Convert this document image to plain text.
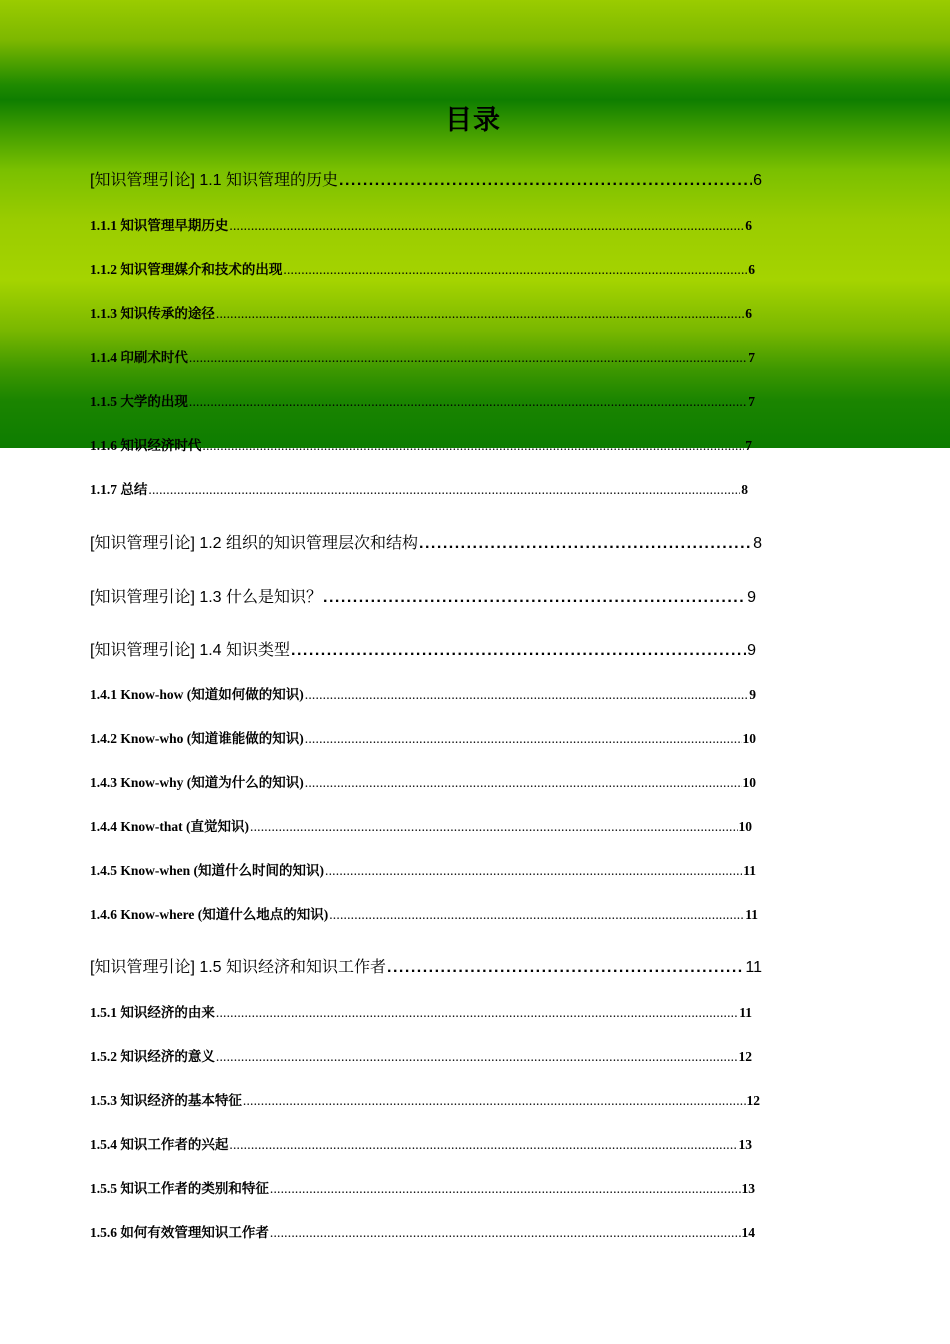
目录
[知识管理引论] 1.1 知识管理的历史 .....	6
1.1.1 知识管理早期历史 .....	6
1.1.2 知识管理媒介和技术的出现 .....	6
1.1.3 知识传承的途径 .....	6
1.1.4 印刷术时代 .....	7
1.1.5 大学的出现 .....	7
1.1.6 知识经济时代 .....	7
1.1.7 总结 .....	8
[知识管理引论] 1.2 组织的知识管理层次和结构 .....	8
[知识管理引论] 1.3 什么是知识？ .....	9
[知识管理引论] 1.4 知识类型 .....	9
1.4.1 Know-how (知道如何做的知识) .....	9
1.4.2 Know-who (知道谁能做的知识) .....	10
1.4.3 Know-why (知道为什么的知识) .....	10
1.4.4 Know-that (直觉知识) .....	10
1.4.5 Know-when (知道什么时间的知识) .....	11
1.4.6 Know-where (知道什么地点的知识) .....	11
[知识管理引论] 1.5 知识经济和知识工作者 .....	11
1.5.1 知识经济的由来 .....	11
1.5.2 知识经济的意义 .....	12
1.5.3 知识经济的基本特征 .....	12
1.5.4 知识工作者的兴起 .....	13
1.5.5 知识工作者的类别和特征 .....	13
1.5.6 如何有效管理知识工作者 .....	14
